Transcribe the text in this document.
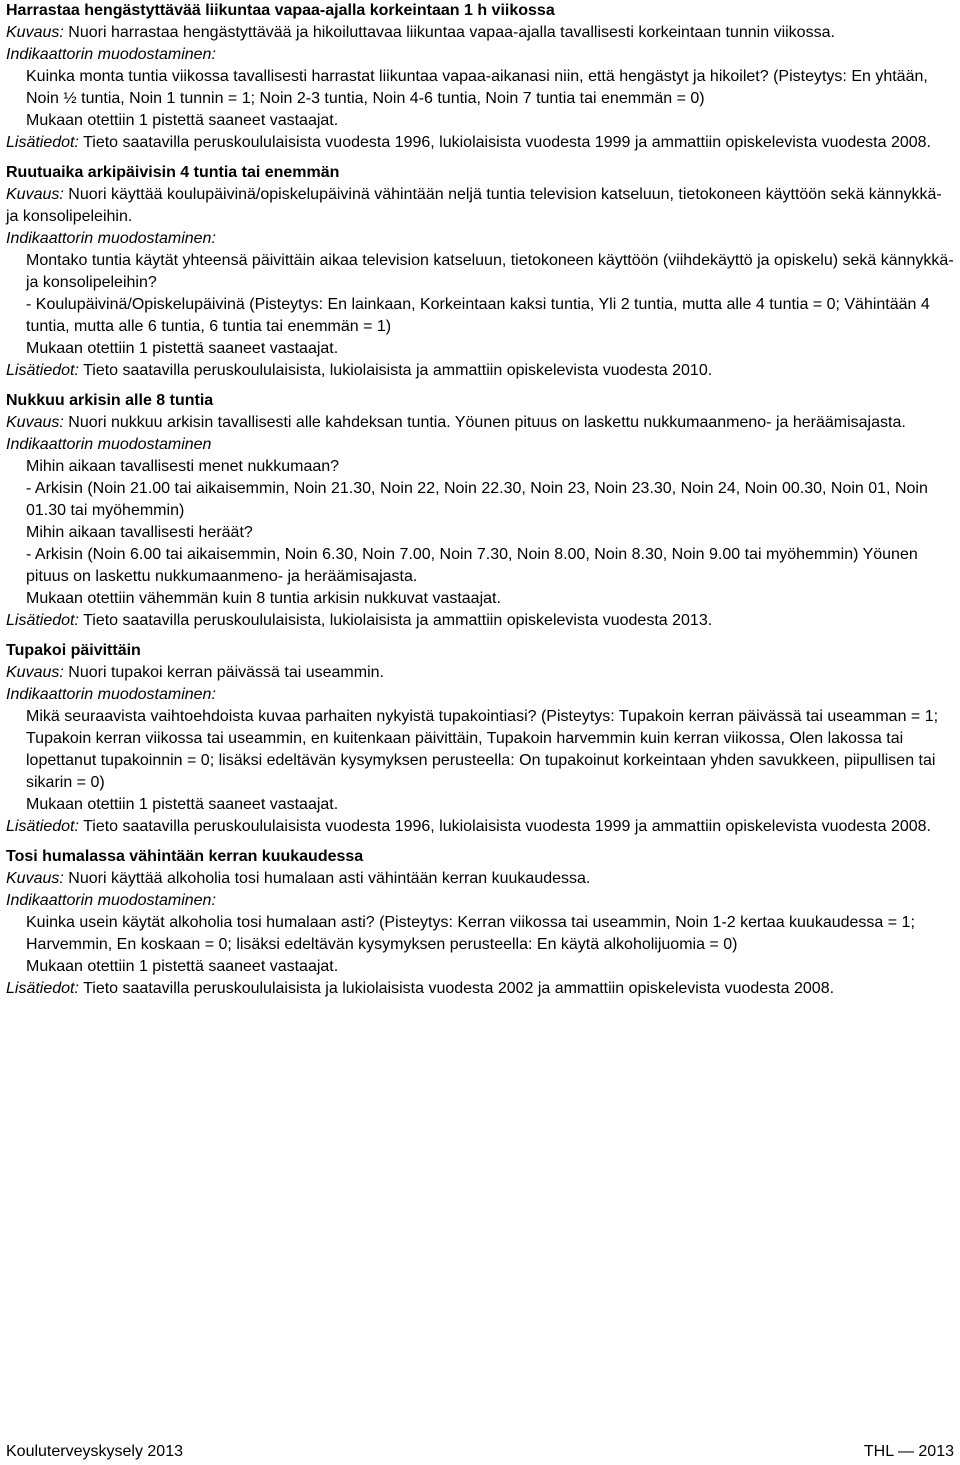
Harrastaa hengästyttävää liikuntaa vapaa-ajalla korkeintaan 1 h viikossa

Kuvaus: Nuori harrastaa hengästyttävää ja hikoiluttavaa liikuntaa vapaa-ajalla tavallisesti korkeintaan tunnin viikossa.

Indikaattorin muodostaminen:

Kuinka monta tuntia viikossa tavallisesti harrastat liikuntaa vapaa-aikanasi niin, että hengästyt ja hikoilet? (Pisteytys: En yhtään, Noin ½ tuntia, Noin 1 tunnin = 1; Noin 2-3 tuntia, Noin 4-6 tuntia, Noin 7 tuntia tai enemmän = 0)

Mukaan otettiin 1 pistettä saaneet vastaajat.

Lisätiedot: Tieto saatavilla peruskoululaisista vuodesta 1996, lukiolaisista vuodesta 1999 ja ammattiin opiskelevista vuodesta 2008.

Ruutuaika arkipäivisin 4 tuntia tai enemmän

Kuvaus: Nuori käyttää koulupäivinä/opiskelupäivinä vähintään neljä tuntia television katseluun, tietokoneen käyttöön sekä kännykkä- ja konsolipeleihin.

Indikaattorin muodostaminen:

Montako tuntia käytät yhteensä päivittäin aikaa television katseluun, tietokoneen käyttöön (viihdekäyttö ja opiskelu) sekä kännykkä- ja konsolipeleihin?

- Koulupäivinä/Opiskelupäivinä (Pisteytys: En lainkaan, Korkeintaan kaksi tuntia, Yli 2 tuntia, mutta alle 4 tuntia = 0; Vähintään 4 tuntia, mutta alle 6 tuntia, 6 tuntia tai enemmän = 1)

Mukaan otettiin 1 pistettä saaneet vastaajat.

Lisätiedot: Tieto saatavilla peruskoululaisista, lukiolaisista ja ammattiin opiskelevista vuodesta 2010.

Nukkuu arkisin alle 8 tuntia

Kuvaus: Nuori nukkuu arkisin tavallisesti alle kahdeksan tuntia. Yöunen pituus on laskettu nukkumaanmeno- ja heräämisajasta.

Indikaattorin muodostaminen

Mihin aikaan tavallisesti menet nukkumaan?

- Arkisin (Noin 21.00 tai aikaisemmin, Noin 21.30, Noin 22, Noin 22.30, Noin 23, Noin 23.30, Noin 24, Noin 00.30, Noin 01, Noin 01.30 tai myöhemmin)

Mihin aikaan tavallisesti heräät?

- Arkisin (Noin 6.00 tai aikaisemmin, Noin 6.30, Noin 7.00, Noin 7.30, Noin 8.00, Noin 8.30, Noin 9.00 tai myöhemmin) Yöunen pituus on laskettu nukkumaanmeno- ja heräämisajasta.

Mukaan otettiin vähemmän kuin 8 tuntia arkisin nukkuvat vastaajat.

Lisätiedot: Tieto saatavilla peruskoululaisista, lukiolaisista ja ammattiin opiskelevista vuodesta 2013.

Tupakoi päivittäin

Kuvaus: Nuori tupakoi kerran päivässä tai useammin.

Indikaattorin muodostaminen:

Mikä seuraavista vaihtoehdoista kuvaa parhaiten nykyistä tupakointiasi? (Pisteytys: Tupakoin kerran päivässä tai useamman = 1; Tupakoin kerran viikossa tai useammin, en kuitenkaan päivittäin, Tupakoin harvemmin kuin kerran viikossa, Olen lakossa tai lopettanut tupakoinnin = 0; lisäksi edeltävän kysymyksen perusteella: On tupakoinut korkeintaan yhden savukkeen, piipullisen tai sikarin = 0)

Mukaan otettiin 1 pistettä saaneet vastaajat.

Lisätiedot: Tieto saatavilla peruskoululaisista vuodesta 1996, lukiolaisista vuodesta 1999 ja ammattiin opiskelevista vuodesta 2008.

Tosi humalassa vähintään kerran kuukaudessa

Kuvaus: Nuori käyttää alkoholia tosi humalaan asti vähintään kerran kuukaudessa.

Indikaattorin muodostaminen:

Kuinka usein käytät alkoholia tosi humalaan asti? (Pisteytys: Kerran viikossa tai useammin, Noin 1-2 kertaa kuukaudessa = 1; Harvemmin, En koskaan = 0; lisäksi edeltävän kysymyksen perusteella: En käytä alkoholijuomia = 0)

Mukaan otettiin 1 pistettä saaneet vastaajat.

Lisätiedot: Tieto saatavilla peruskoululaisista ja lukiolaisista vuodesta 2002 ja ammattiin opiskelevista vuodesta 2008.

Kouluterveyskysely 2013	THL — 2013
